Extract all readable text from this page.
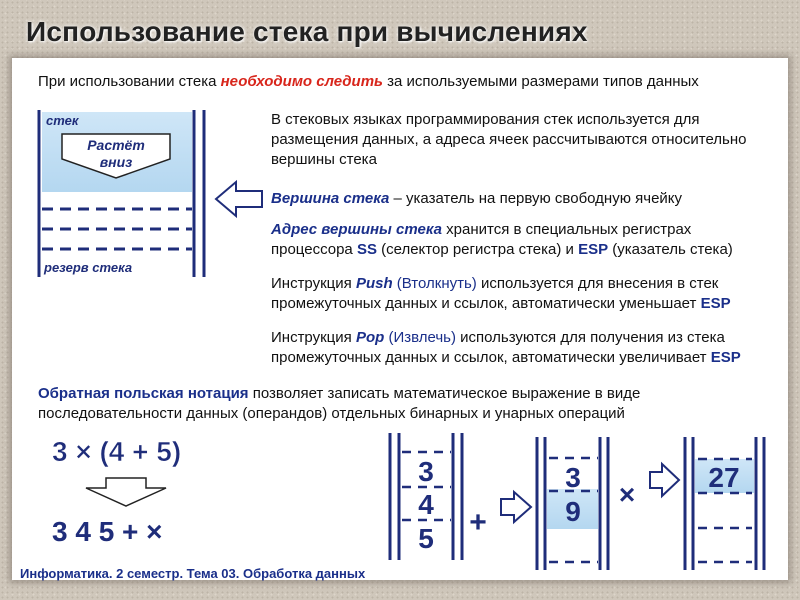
Использование стека при вычислениях
При использовании стека необходимо следить за используемыми размерами типов данных
В стековых языках программирования стек используется для размещения данных, а адреса ячеек рассчитываются относительно вершины стека
Вершина стека – указатель на первую свободную ячейку
Адрес вершины стека хранится в специальных регистрах процессора SS (селектор регистра стека) и ESP (указатель стека)
Инструкция Push (Втолкнуть) используется для внесения в стек промежуточных данных и ссылок, автоматически уменьшает ESP
Инструкция Pop (Извлечь) используются для получения из стека промежуточных данных и ссылок, автоматически увеличивает ESP
Обратная польская нотация позволяет записать математическое выражение в виде последовательности данных (операндов) отдельных бинарных и унарных операций
стек
Растёт
вниз
резерв стека
3 × (4 + 5)
3 4 5 + ×
3
4
5 +
3
9
×
27
Информатика. 2 семестр. Тема 03. Обработка данных
